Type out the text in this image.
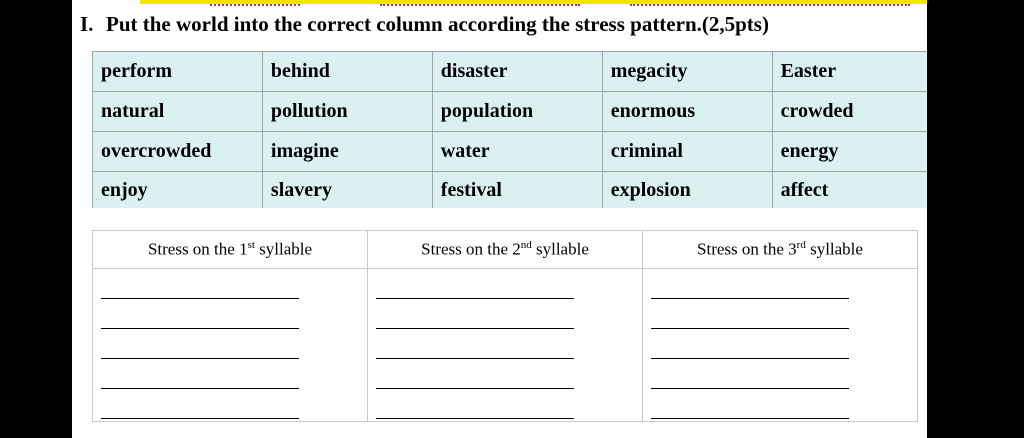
I. Put the world into the correct column according the stress pattern.(2,5pts)
perform	behind	disaster	megacity	Easter
natural	pollution	population	enormous	crowded
overcrowded	imagine	water	criminal	energy
enjoy	slavery	festival	explosion	affect
Stress on the 1st syllable	Stress on the 2nd syllable	Stress on the 3rd syllable
